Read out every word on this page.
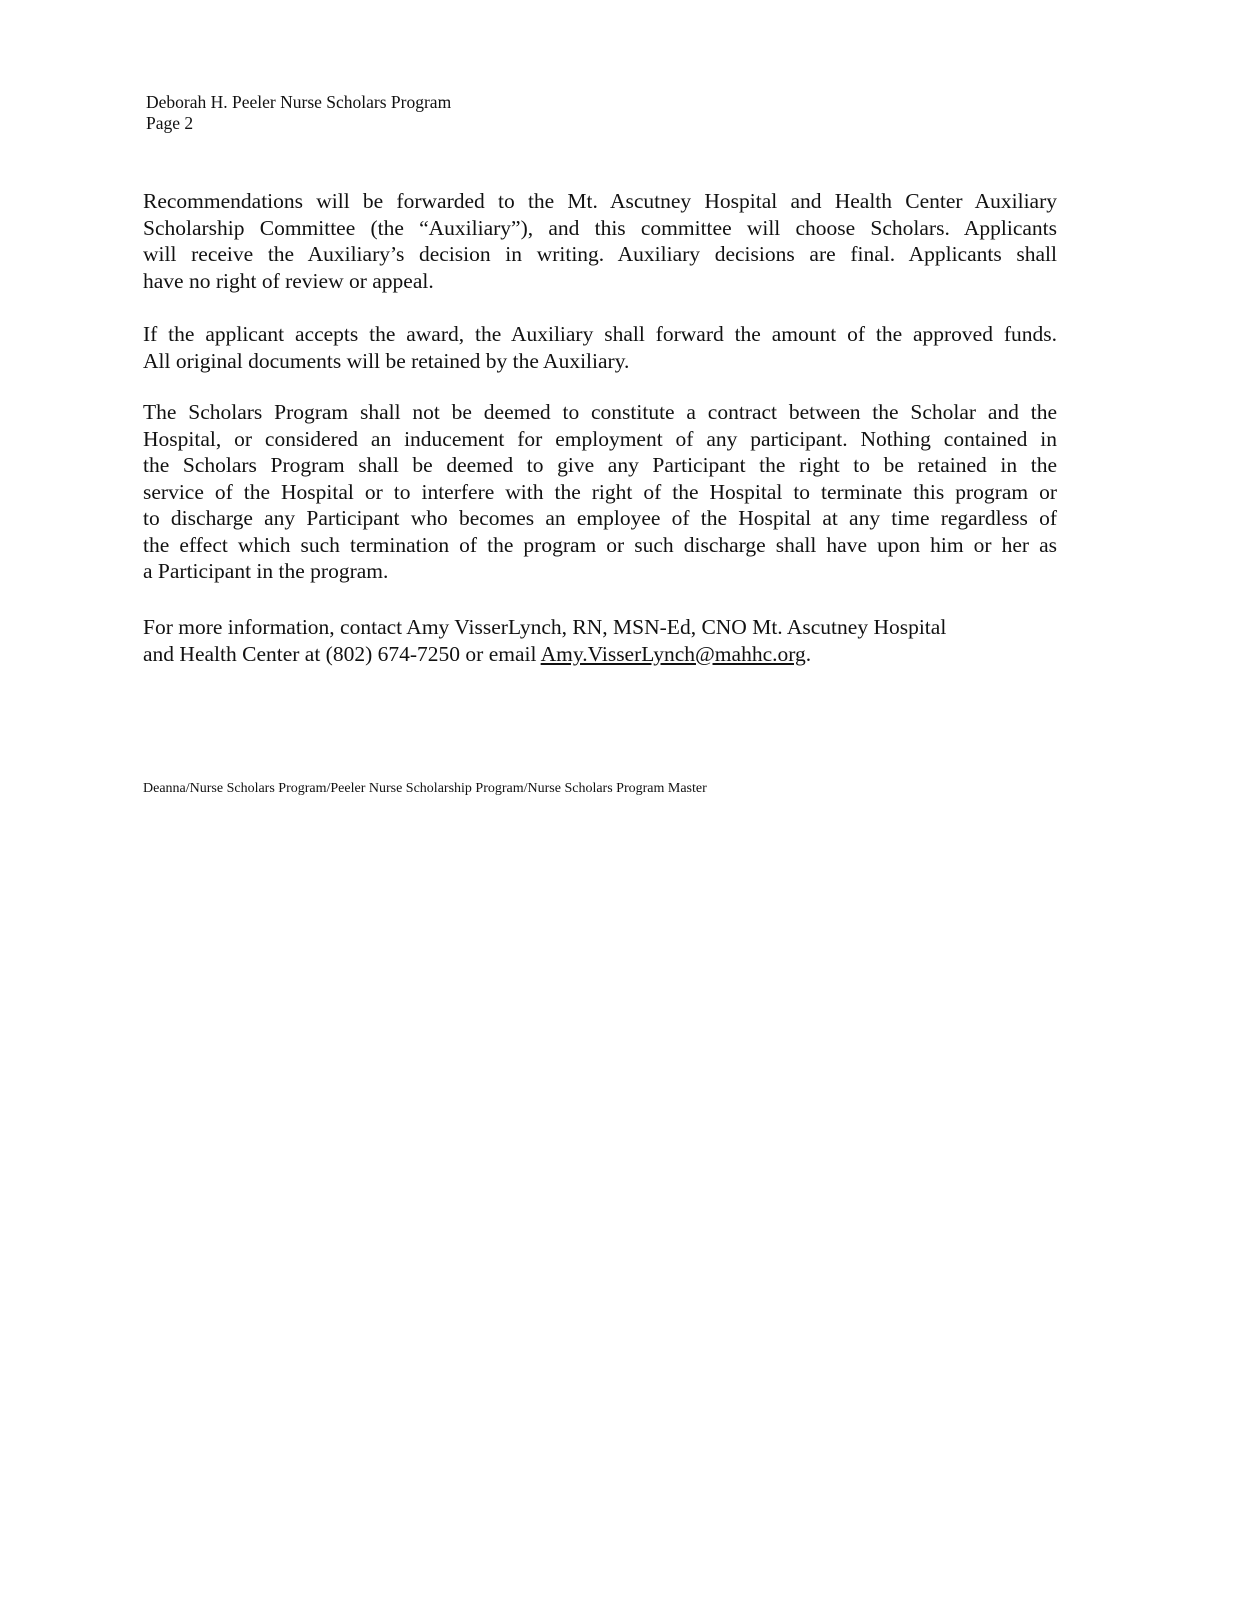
Deborah H. Peeler Nurse Scholars Program
Page 2
Recommendations will be forwarded to the Mt. Ascutney Hospital and Health Center Auxiliary
Scholarship Committee (the “Auxiliary”), and this committee will choose Scholars. Applicants
will receive the Auxiliary’s decision in writing. Auxiliary decisions are final. Applicants shall
have no right of review or appeal.
If the applicant accepts the award, the Auxiliary shall forward the amount of the approved funds.
All original documents will be retained by the Auxiliary.
The Scholars Program shall not be deemed to constitute a contract between the Scholar and the
Hospital, or considered an inducement for employment of any participant. Nothing contained in
the Scholars Program shall be deemed to give any Participant the right to be retained in the
service of the Hospital or to interfere with the right of the Hospital to terminate this program or
to discharge any Participant who becomes an employee of the Hospital at any time regardless of
the effect which such termination of the program or such discharge shall have upon him or her as
a Participant in the program.
For more information, contact Amy VisserLynch, RN, MSN-Ed, CNO Mt. Ascutney Hospital
and Health Center at (802) 674-7250 or email Amy.VisserLynch@mahhc.org.
Deanna/Nurse Scholars Program/Peeler Nurse Scholarship Program/Nurse Scholars Program Master
